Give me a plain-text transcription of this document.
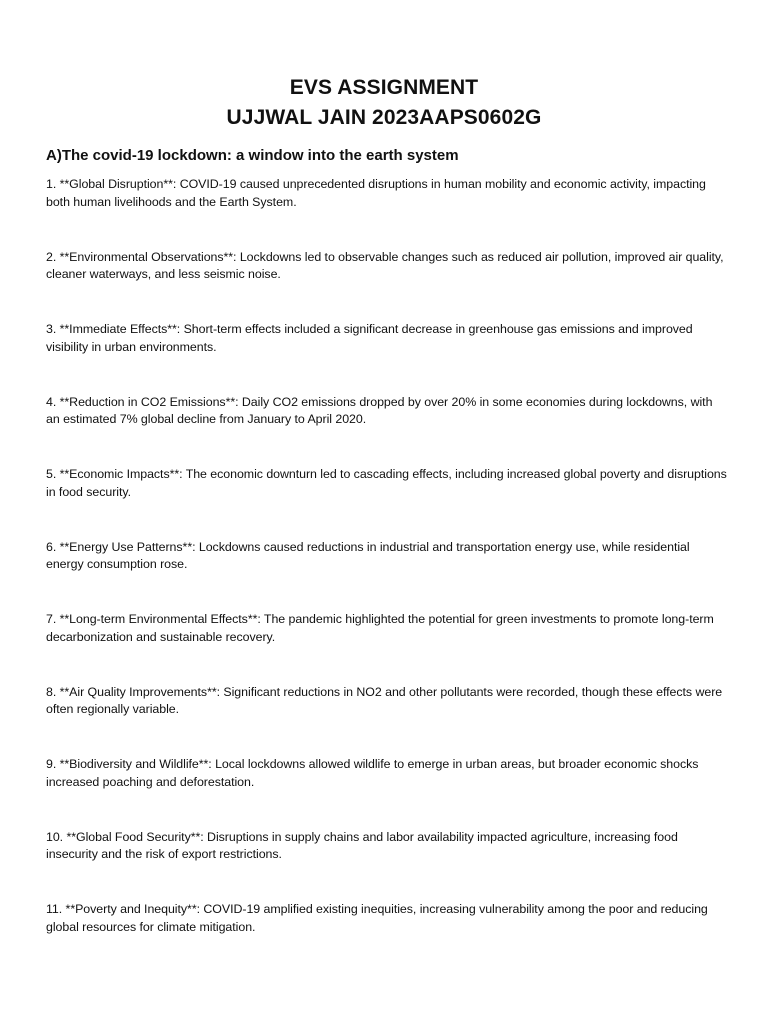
EVS ASSIGNMENT
UJJWAL JAIN 2023AAPS0602G
A)The covid-19 lockdown: a window into the earth system
1. **Global Disruption**: COVID-19 caused unprecedented disruptions in human mobility and economic activity, impacting both human livelihoods and the Earth System.
2. **Environmental Observations**: Lockdowns led to observable changes such as reduced air pollution, improved air quality, cleaner waterways, and less seismic noise.
3. **Immediate Effects**: Short-term effects included a significant decrease in greenhouse gas emissions and improved visibility in urban environments.
4. **Reduction in CO2 Emissions**: Daily CO2 emissions dropped by over 20% in some economies during lockdowns, with an estimated 7% global decline from January to April 2020.
5. **Economic Impacts**: The economic downturn led to cascading effects, including increased global poverty and disruptions in food security.
6. **Energy Use Patterns**: Lockdowns caused reductions in industrial and transportation energy use, while residential energy consumption rose.
7. **Long-term Environmental Effects**: The pandemic highlighted the potential for green investments to promote long-term decarbonization and sustainable recovery.
8. **Air Quality Improvements**: Significant reductions in NO2 and other pollutants were recorded, though these effects were often regionally variable.
9. **Biodiversity and Wildlife**: Local lockdowns allowed wildlife to emerge in urban areas, but broader economic shocks increased poaching and deforestation.
10. **Global Food Security**: Disruptions in supply chains and labor availability impacted agriculture, increasing food insecurity and the risk of export restrictions.
11. **Poverty and Inequity**: COVID-19 amplified existing inequities, increasing vulnerability among the poor and reducing global resources for climate mitigation.
